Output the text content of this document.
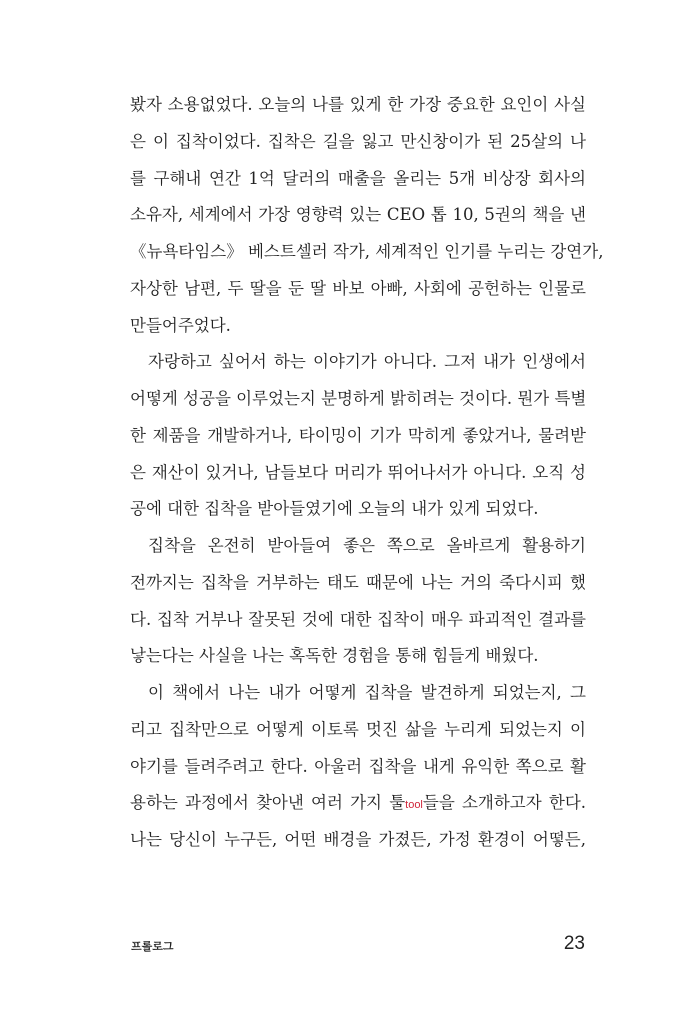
봤자 소용없었다. 오늘의 나를 있게 한 가장 중요한 요인이 사실
은 이 집착이었다. 집착은 길을 잃고 만신창이가 된 25살의 나
를 구해내 연간 1억 달러의 매출을 올리는 5개 비상장 회사의
소유자, 세계에서 가장 영향력 있는 CEO 톱 10, 5권의 책을 낸
《뉴욕타임스》 베스트셀러 작가, 세계적인 인기를 누리는 강연가,
자상한 남편, 두 딸을 둔 딸 바보 아빠, 사회에 공헌하는 인물로
만들어주었다.
자랑하고 싶어서 하는 이야기가 아니다. 그저 내가 인생에서
어떻게 성공을 이루었는지 분명하게 밝히려는 것이다. 뭔가 특별
한 제품을 개발하거나, 타이밍이 기가 막히게 좋았거나, 물려받
은 재산이 있거나, 남들보다 머리가 뛰어나서가 아니다. 오직 성
공에 대한 집착을 받아들였기에 오늘의 내가 있게 되었다.
집착을 온전히 받아들여 좋은 쪽으로 올바르게 활용하기
전까지는 집착을 거부하는 태도 때문에 나는 거의 죽다시피 했
다. 집착 거부나 잘못된 것에 대한 집착이 매우 파괴적인 결과를
낳는다는 사실을 나는 혹독한 경험을 통해 힘들게 배웠다.
이 책에서 나는 내가 어떻게 집착을 발견하게 되었는지, 그
리고 집착만으로 어떻게 이토록 멋진 삶을 누리게 되었는지 이
야기를 들려주려고 한다. 아울러 집착을 내게 유익한 쪽으로 활
용하는 과정에서 찾아낸 여러 가지 툴tool들을 소개하고자 한다.
나는 당신이 누구든, 어떤 배경을 가졌든, 가정 환경이 어떻든,
프롤로그	23
